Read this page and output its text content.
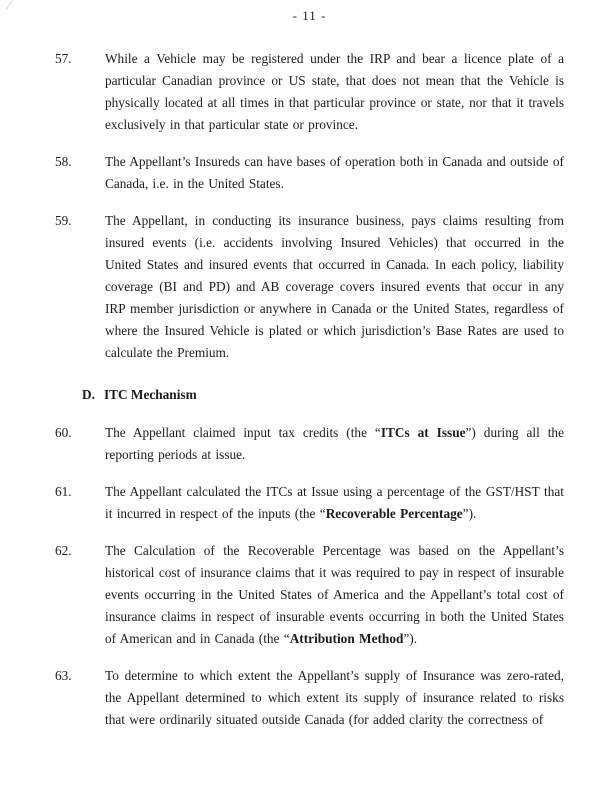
- 11 -
57.	While a Vehicle may be registered under the IRP and bear a licence plate of a particular Canadian province or US state, that does not mean that the Vehicle is physically located at all times in that particular province or state, nor that it travels exclusively in that particular state or province.
58.	The Appellant’s Insureds can have bases of operation both in Canada and outside of Canada, i.e. in the United States.
59.	The Appellant, in conducting its insurance business, pays claims resulting from insured events (i.e. accidents involving Insured Vehicles) that occurred in the United States and insured events that occurred in Canada. In each policy, liability coverage (BI and PD) and AB coverage covers insured events that occur in any IRP member jurisdiction or anywhere in Canada or the United States, regardless of where the Insured Vehicle is plated or which jurisdiction’s Base Rates are used to calculate the Premium.
D. ITC Mechanism
60.	The Appellant claimed input tax credits (the “ITCs at Issue”) during all the reporting periods at issue.
61.	The Appellant calculated the ITCs at Issue using a percentage of the GST/HST that it incurred in respect of the inputs (the “Recoverable Percentage”).
62.	The Calculation of the Recoverable Percentage was based on the Appellant’s historical cost of insurance claims that it was required to pay in respect of insurable events occurring in the United States of America and the Appellant’s total cost of insurance claims in respect of insurable events occurring in both the United States of American and in Canada (the “Attribution Method”).
63.	To determine to which extent the Appellant’s supply of Insurance was zero-rated, the Appellant determined to which extent its supply of insurance related to risks that were ordinarily situated outside Canada (for added clarity the correctness of
